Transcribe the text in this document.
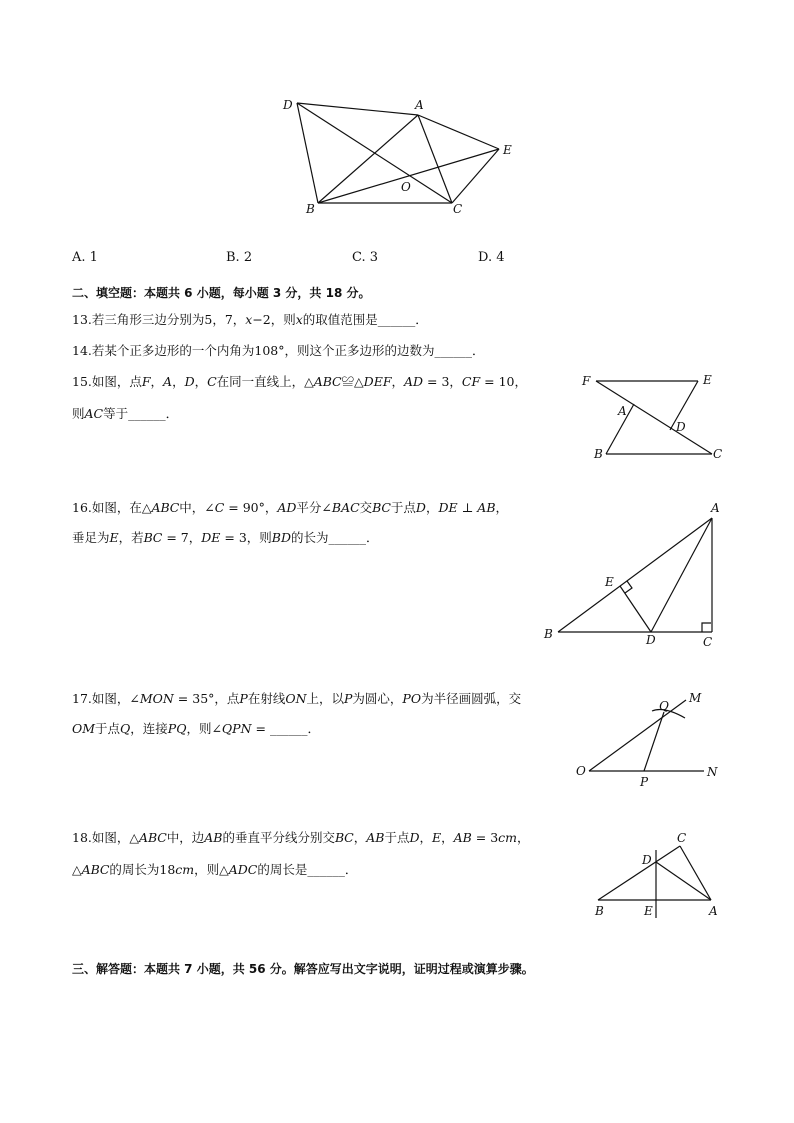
D	A
E
O
B	C
A. 1	B. 2	C. 3	D. 4
二、填空题：本题共 6 小题，每小题 3 分，共 18 分。
13.若三角形三边分别为5，7，𝑥−2，则𝑥的取值范围是______．
14.若某个正多边形的一个内角为108°，则这个正多边形的边数为______．
15.如图，点𝐹，𝐴，𝐷，𝐶在同一直线上，△𝐴𝐵𝐶≌△𝐷𝐸𝐹，𝐴𝐷 = 3，𝐶𝐹 = 10，
则𝐴𝐶等于______．
F	E
A
D
B	C
16.如图，在△𝐴𝐵𝐶中，∠𝐶 = 90°，𝐴𝐷平分∠𝐵𝐴𝐶交𝐵𝐶于点𝐷，𝐷𝐸 ⊥ 𝐴𝐵，
垂足为𝐸，若𝐵𝐶 = 7，𝐷𝐸 = 3，则𝐵𝐷的长为______．
A
E
B	D	C
17.如图，∠𝑀𝑂𝑁 = 35°，点𝑃在射线𝑂𝑁上，以𝑃为圆心，𝑃𝑂为半径画圆弧，交
𝑂𝑀于点𝑄，连接𝑃𝑄，则∠𝑄𝑃𝑁 = ______．
Q
M
O
P
N
18.如图，△𝐴𝐵𝐶中，边𝐴𝐵的垂直平分线分别交𝐵𝐶，𝐴𝐵于点𝐷，𝐸，𝐴𝐵 = 3𝑐𝑚，
△𝐴𝐵𝐶的周长为18𝑐𝑚，则△𝐴𝐷𝐶的周长是______．
C
D
B	E	A
三、解答题：本题共 7 小题，共 56 分。解答应写出文字说明，证明过程或演算步骤。
